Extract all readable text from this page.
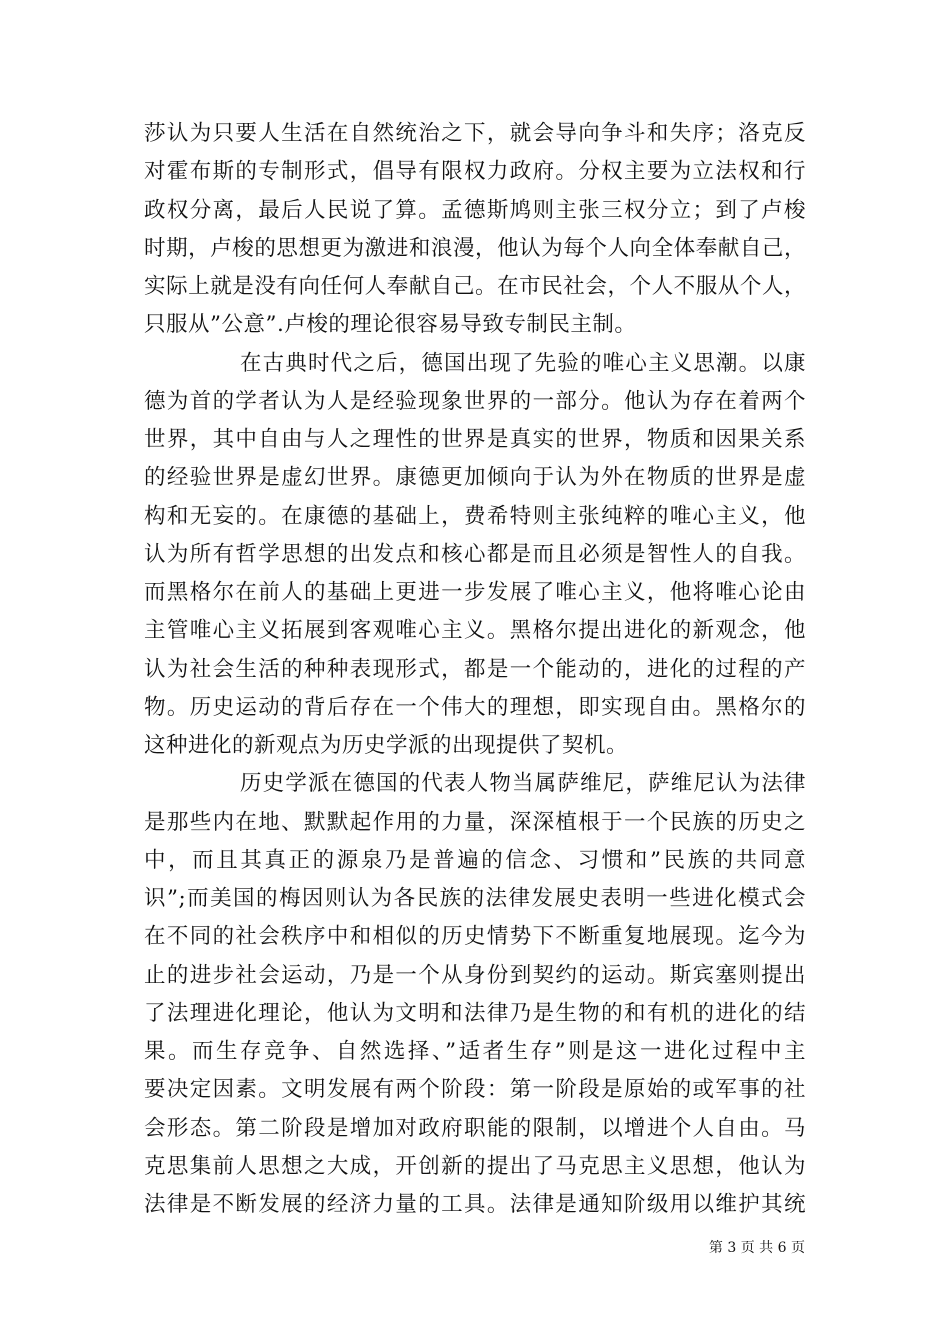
莎认为只要人生活在自然统治之下，就会导向争斗和失序；洛克反
对霍布斯的专制形式，倡导有限权力政府。分权主要为立法权和行
政权分离，最后人民说了算。孟德斯鸠则主张三权分立；到了卢梭
时期，卢梭的思想更为激进和浪漫，他认为每个人向全体奉献自己，
实际上就是没有向任何人奉献自己。在市民社会，个人不服从个人，
只服从”公意”.卢梭的理论很容易导致专制民主制。
在古典时代之后，德国出现了先验的唯心主义思潮。以康
德为首的学者认为人是经验现象世界的一部分。他认为存在着两个
世界，其中自由与人之理性的世界是真实的世界，物质和因果关系
的经验世界是虚幻世界。康德更加倾向于认为外在物质的世界是虚
构和无妄的。在康德的基础上，费希特则主张纯粹的唯心主义，他
认为所有哲学思想的出发点和核心都是而且必须是智性人的自我。
而黑格尔在前人的基础上更进一步发展了唯心主义，他将唯心论由
主管唯心主义拓展到客观唯心主义。黑格尔提出进化的新观念，他
认为社会生活的种种表现形式，都是一个能动的，进化的过程的产
物。历史运动的背后存在一个伟大的理想，即实现自由。黑格尔的
这种进化的新观点为历史学派的出现提供了契机。
历史学派在德国的代表人物当属萨维尼，萨维尼认为法律
是那些内在地、默默起作用的力量，深深植根于一个民族的历史之
中，而且其真正的源泉乃是普遍的信念、习惯和”民族的共同意
识”;而美国的梅因则认为各民族的法律发展史表明一些进化模式会
在不同的社会秩序中和相似的历史情势下不断重复地展现。迄今为
止的进步社会运动，乃是一个从身份到契约的运动。斯宾塞则提出
了法理进化理论，他认为文明和法律乃是生物的和有机的进化的结
果。而生存竞争、自然选择、”适者生存”则是这一进化过程中主
要决定因素。文明发展有两个阶段：第一阶段是原始的或军事的社
会形态。第二阶段是增加对政府职能的限制，以增进个人自由。马
克思集前人思想之大成，开创新的提出了马克思主义思想，他认为
法律是不断发展的经济力量的工具。法律是通知阶级用以维护其统
第 3 页 共 6 页
